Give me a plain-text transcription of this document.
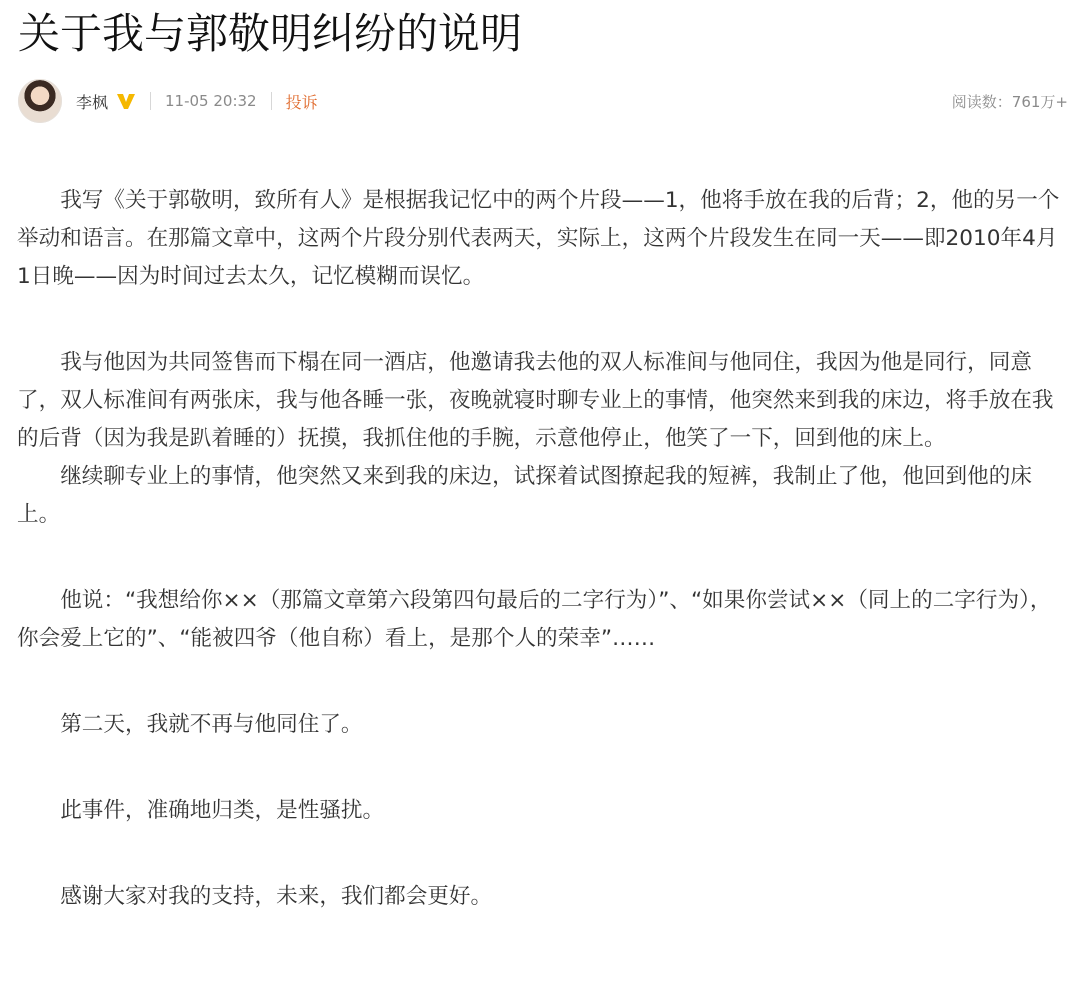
关于我与郭敬明纠纷的说明
李枫	11-05 20:32 投诉	阅读数：761万+

我写《关于郭敬明，致所有人》是根据我记忆中的两个片段——1，他将手放在我的后背；2，他的另一个举动和语言。在那篇文章中，这两个片段分别代表两天，实际上，这两个片段发生在同一天——即2010年4月1日晚——因为时间过去太久，记忆模糊而误忆。

我与他因为共同签售而下榻在同一酒店，他邀请我去他的双人标准间与他同住，我因为他是同行，同意了，双人标准间有两张床，我与他各睡一张，夜晚就寝时聊专业上的事情，他突然来到我的床边，将手放在我的后背（因为我是趴着睡的）抚摸，我抓住他的手腕，示意他停止，他笑了一下，回到他的床上。

继续聊专业上的事情，他突然又来到我的床边，试探着试图撩起我的短裤，我制止了他，他回到他的床上。

他说：“我想给你××（那篇文章第六段第四句最后的二字行为）”、“如果你尝试××（同上的二字行为），你会爱上它的”、“能被四爷（他自称）看上，是那个人的荣幸”……

第二天，我就不再与他同住了。

此事件，准确地归类，是性骚扰。

感谢大家对我的支持，未来，我们都会更好。
